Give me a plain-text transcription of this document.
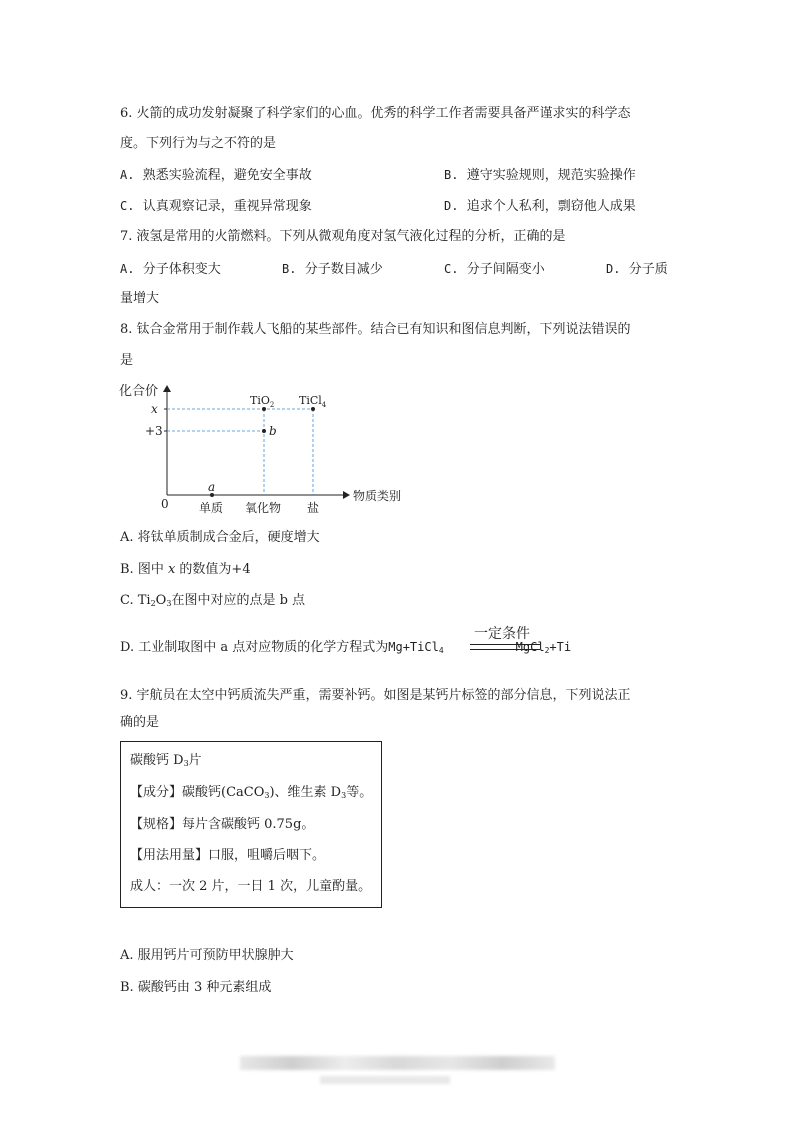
6. 火箭的成功发射凝聚了科学家们的心血。优秀的科学工作者需要具备严谨求实的科学态
度。下列行为与之不符的是
A. 熟悉实验流程，避免安全事故	B. 遵守实验规则，规范实验操作
C. 认真观察记录，重视异常现象	D. 追求个人私利，剽窃他人成果
7. 液氢是常用的火箭燃料。下列从微观角度对氢气液化过程的分析，正确的是
A. 分子体积变大	B. 分子数目减少	C. 分子间隔变小	D. 分子质
量增大
8. 钛合金常用于制作载人飞船的某些部件。结合已有知识和图信息判断，下列说法错误的
是
化合价
物质类别
0
x
+3
a
TiO$_2$ TiCl$_4$
b
单质 氧化物 盐
A. 将钛单质制成合金后，硬度增大
B. 图中 x 的数值为+4
C. $Ti_2O_3$在图中对应的点是 b 点
D. 工业制取图中 a 点对应物质的化学方程式为Mg+TiCl$_4$	MgCl$_2$+Ti
一定条件
9. 宇航员在太空中钙质流失严重，需要补钙。如图是某钙片标签的部分信息，下列说法正
确的是
碳酸钙 $D_3$片
【成分】碳酸钙(CaCO$_3$)、维生素 $D_3$等。
【规格】每片含碳酸钙 0.75g。
【用法用量】口服，咀嚼后咽下。
成人：一次 2 片，一日 1 次，儿童酌量。
A. 服用钙片可预防甲状腺肿大
B. 碳酸钙由 3 种元素组成
